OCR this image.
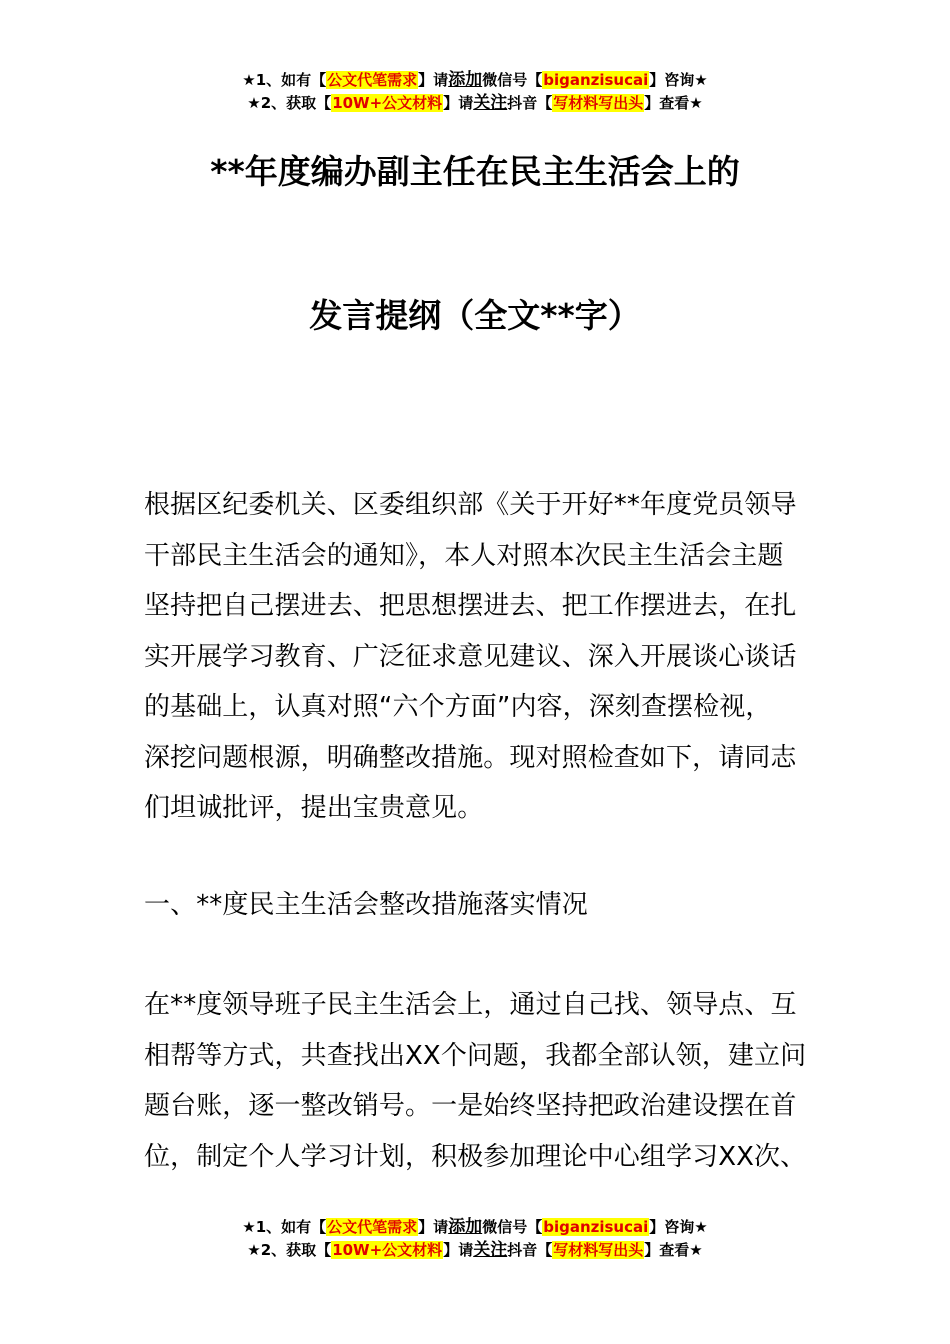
★1、如有【公文代笔需求】请添加微信号【biganzisucai】咨询★
★2、获取【10W+公文材料】请关注抖音【写材料写出头】查看★
**年度编办副主任在民主生活会上的
发言提纲（全文**字）
根据区纪委机关、区委组织部《关于开好**年度党员领导
干部民主生活会的通知》，本人对照本次民主生活会主题
坚持把自己摆进去、把思想摆进去、把工作摆进去，在扎
实开展学习教育、广泛征求意见建议、深入开展谈心谈话
的基础上，认真对照“六个方面”内容，深刻查摆检视，
深挖问题根源，明确整改措施。现对照检查如下，请同志
们坦诚批评，提出宝贵意见。
一、**度民主生活会整改措施落实情况
在**度领导班子民主生活会上，通过自己找、领导点、互
相帮等方式，共查找出XX个问题，我都全部认领，建立问
题台账，逐一整改销号。一是始终坚持把政治建设摆在首
位，制定个人学习计划，积极参加理论中心组学习XX次、
★1、如有【公文代笔需求】请添加微信号【biganzisucai】咨询★
★2、获取【10W+公文材料】请关注抖音【写材料写出头】查看★
